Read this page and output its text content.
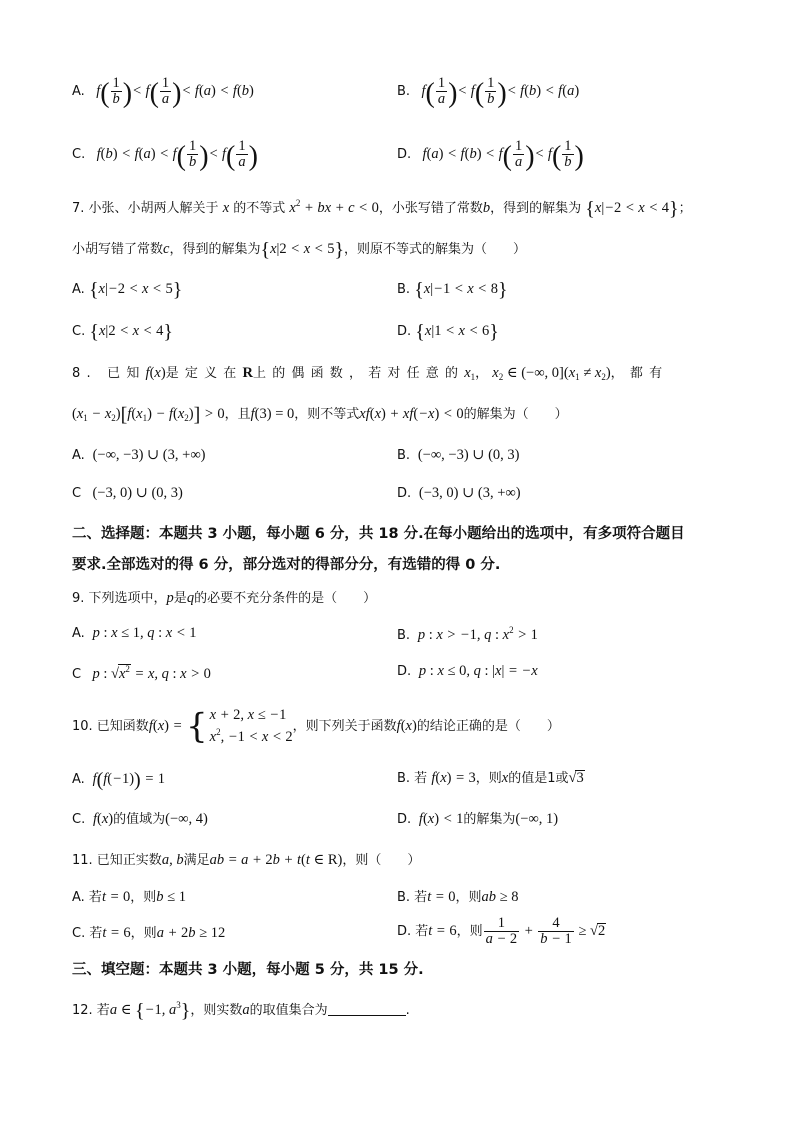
A.   $f( \frac{1}{b}$ )< $f( \frac{1}{a}$ )< f(a) < f(b)	B.   $f( \frac{1}{a}$ )< $f( \frac{1}{b}$ )< f(b) < f(a)
C.   $f(b) < f(a) < f( \frac{1}{b}$ )< $f( \frac{1}{a}$ )	D.   $f(a) < f(b) < f( \frac{1}{a}$ )< $f( \frac{1}{b}$ )
7. 小张、小胡两人解关于 x 的不等式 $x^2$ + bx + c < 0，小张写错了常数b，得到的解集为 {x|−2 < x < 4}；
小胡写错了常数c，得到的解集为{x|2 < x < 5}，则原不等式的解集为（　　）
A. {x|−2 < x < 5}	B. {x|−1 < x < 8}
C. {x|2 < x < 4}	D. {x|1 < x < 6}
8. 已知f(x)是定义在R上的偶函数，若对任意的$x_1$， $x_2$ ∈ (−∞, $0](x_1 \ne x_2)$，都有
$(x_1 - x_2)[f(x_1) - f(x_2)] > 0$，且f(3) = 0，则不等式xf(x) + xf(−x) < 0的解集为（　　）
A.  (−∞, −3) ∪ (3, +∞)	B.  (−∞, −3) ∪ (0, 3)
C   (−3, 0) ∪ (0, 3)	D.  (−3, 0) ∪ (3, +∞)
二、选择题：本题共 3 小题，每小题 6 分，共 18 分.在每小题给出的选项中，有多项符合题目
要求.全部选对的得 6 分，部分选对的得部分分，有选错的得 0 分.
9. 下列选项中，p是q的必要不充分条件的是（　　）
A.  p : x ≤ 1, q : x < 1	B.  p : x > −1, q : $x^2 > 1$
C   p : $√x^2 = x$, q : x > 0	D.  p : x ≤ 0, q : |x| = −x
10. 已知函数f(x) = { x + 2, x ≤ −1
$x^2$, −1 < x < 2
，则下列关于函数f(x)的结论正确的是（　　）
A.  f(f(−1)) = 1	B. 若 f(x) = 3，则x的值是1或√3
C.  f(x)的值域为(−∞, 4)	D.  f(x) < 1的解集为(−∞, 1)
11. 已知正实数a, b满足ab = a + 2b + t(t ∈ R)，则（　　）
A. 若t = 0，则b ≤ 1	B. 若t = 0，则ab ≥ 8
C. 若t = 6，则a + 2b ≥ 12	D. 若t = 6，则 $\frac{1}{a - 2} + \frac{4}{b - 1} \ge √2$
三、填空题：本题共 3 小题，每小题 5 分，共 15 分.
12. 若a ∈ {−1, $a^3$}，则实数a的取值集合为	.
